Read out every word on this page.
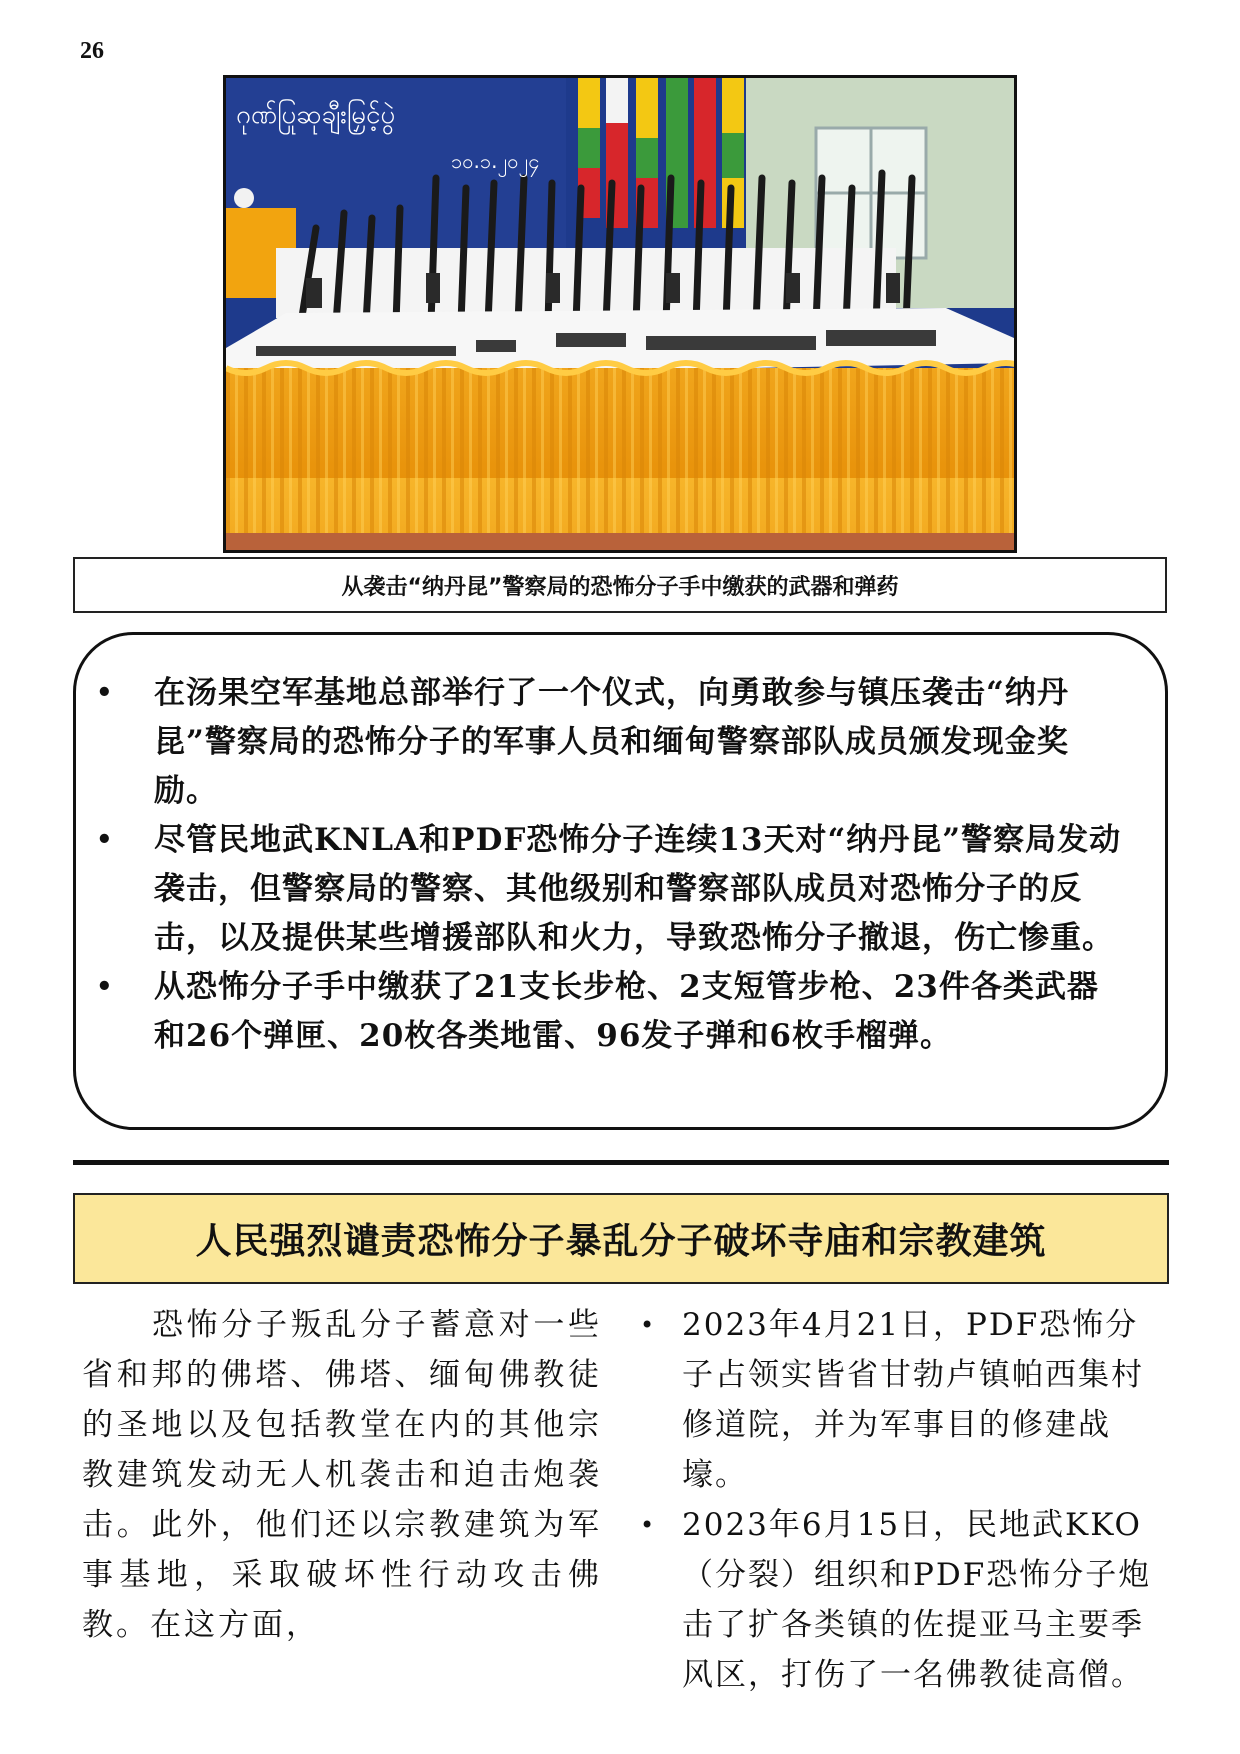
26
ဂုဏ်ပြုဆုချီးမြှင့်ပွဲ
၁၀.၁.၂၀၂၄
从袭击“纳丹昆”警察局的恐怖分子手中缴获的武器和弹药
• 在汤果空军基地总部举行了一个仪式，向勇敢参与镇压袭击“纳丹昆”警察局的恐怖分子的军事人员和缅甸警察部队成员颁发现金奖励。
• 尽管民地武KNLA和PDF恐怖分子连续13天对“纳丹昆”警察局发动袭击，但警察局的警察、其他级别和警察部队成员对恐怖分子的反击，以及提供某些增援部队和火力，导致恐怖分子撤退，伤亡惨重。
• 从恐怖分子手中缴获了21支长步枪、2支短管步枪、23件各类武器和26个弹匣、20枚各类地雷、96发子弹和6枚手榴弹。
人民强烈谴责恐怖分子暴乱分子破坏寺庙和宗教建筑

恐怖分子叛乱分子蓄意对一些省和邦的佛塔、佛塔、缅甸佛教徒的圣地以及包括教堂在内的其他宗教建筑发动无人机袭击和迫击炮袭击。此外，他们还以宗教建筑为军事基地，采取破坏性行动攻击佛教。在这方面，

• 2023年4月21日，PDF恐怖分子占领实皆省甘勃卢镇帕西集村修道院，并为军事目的修建战壕。
• 2023年6月15日，民地武KKO（分裂）组织和PDF恐怖分子炮击了扩各类镇的佐提亚马主要季风区，打伤了一名佛教徒高僧。
